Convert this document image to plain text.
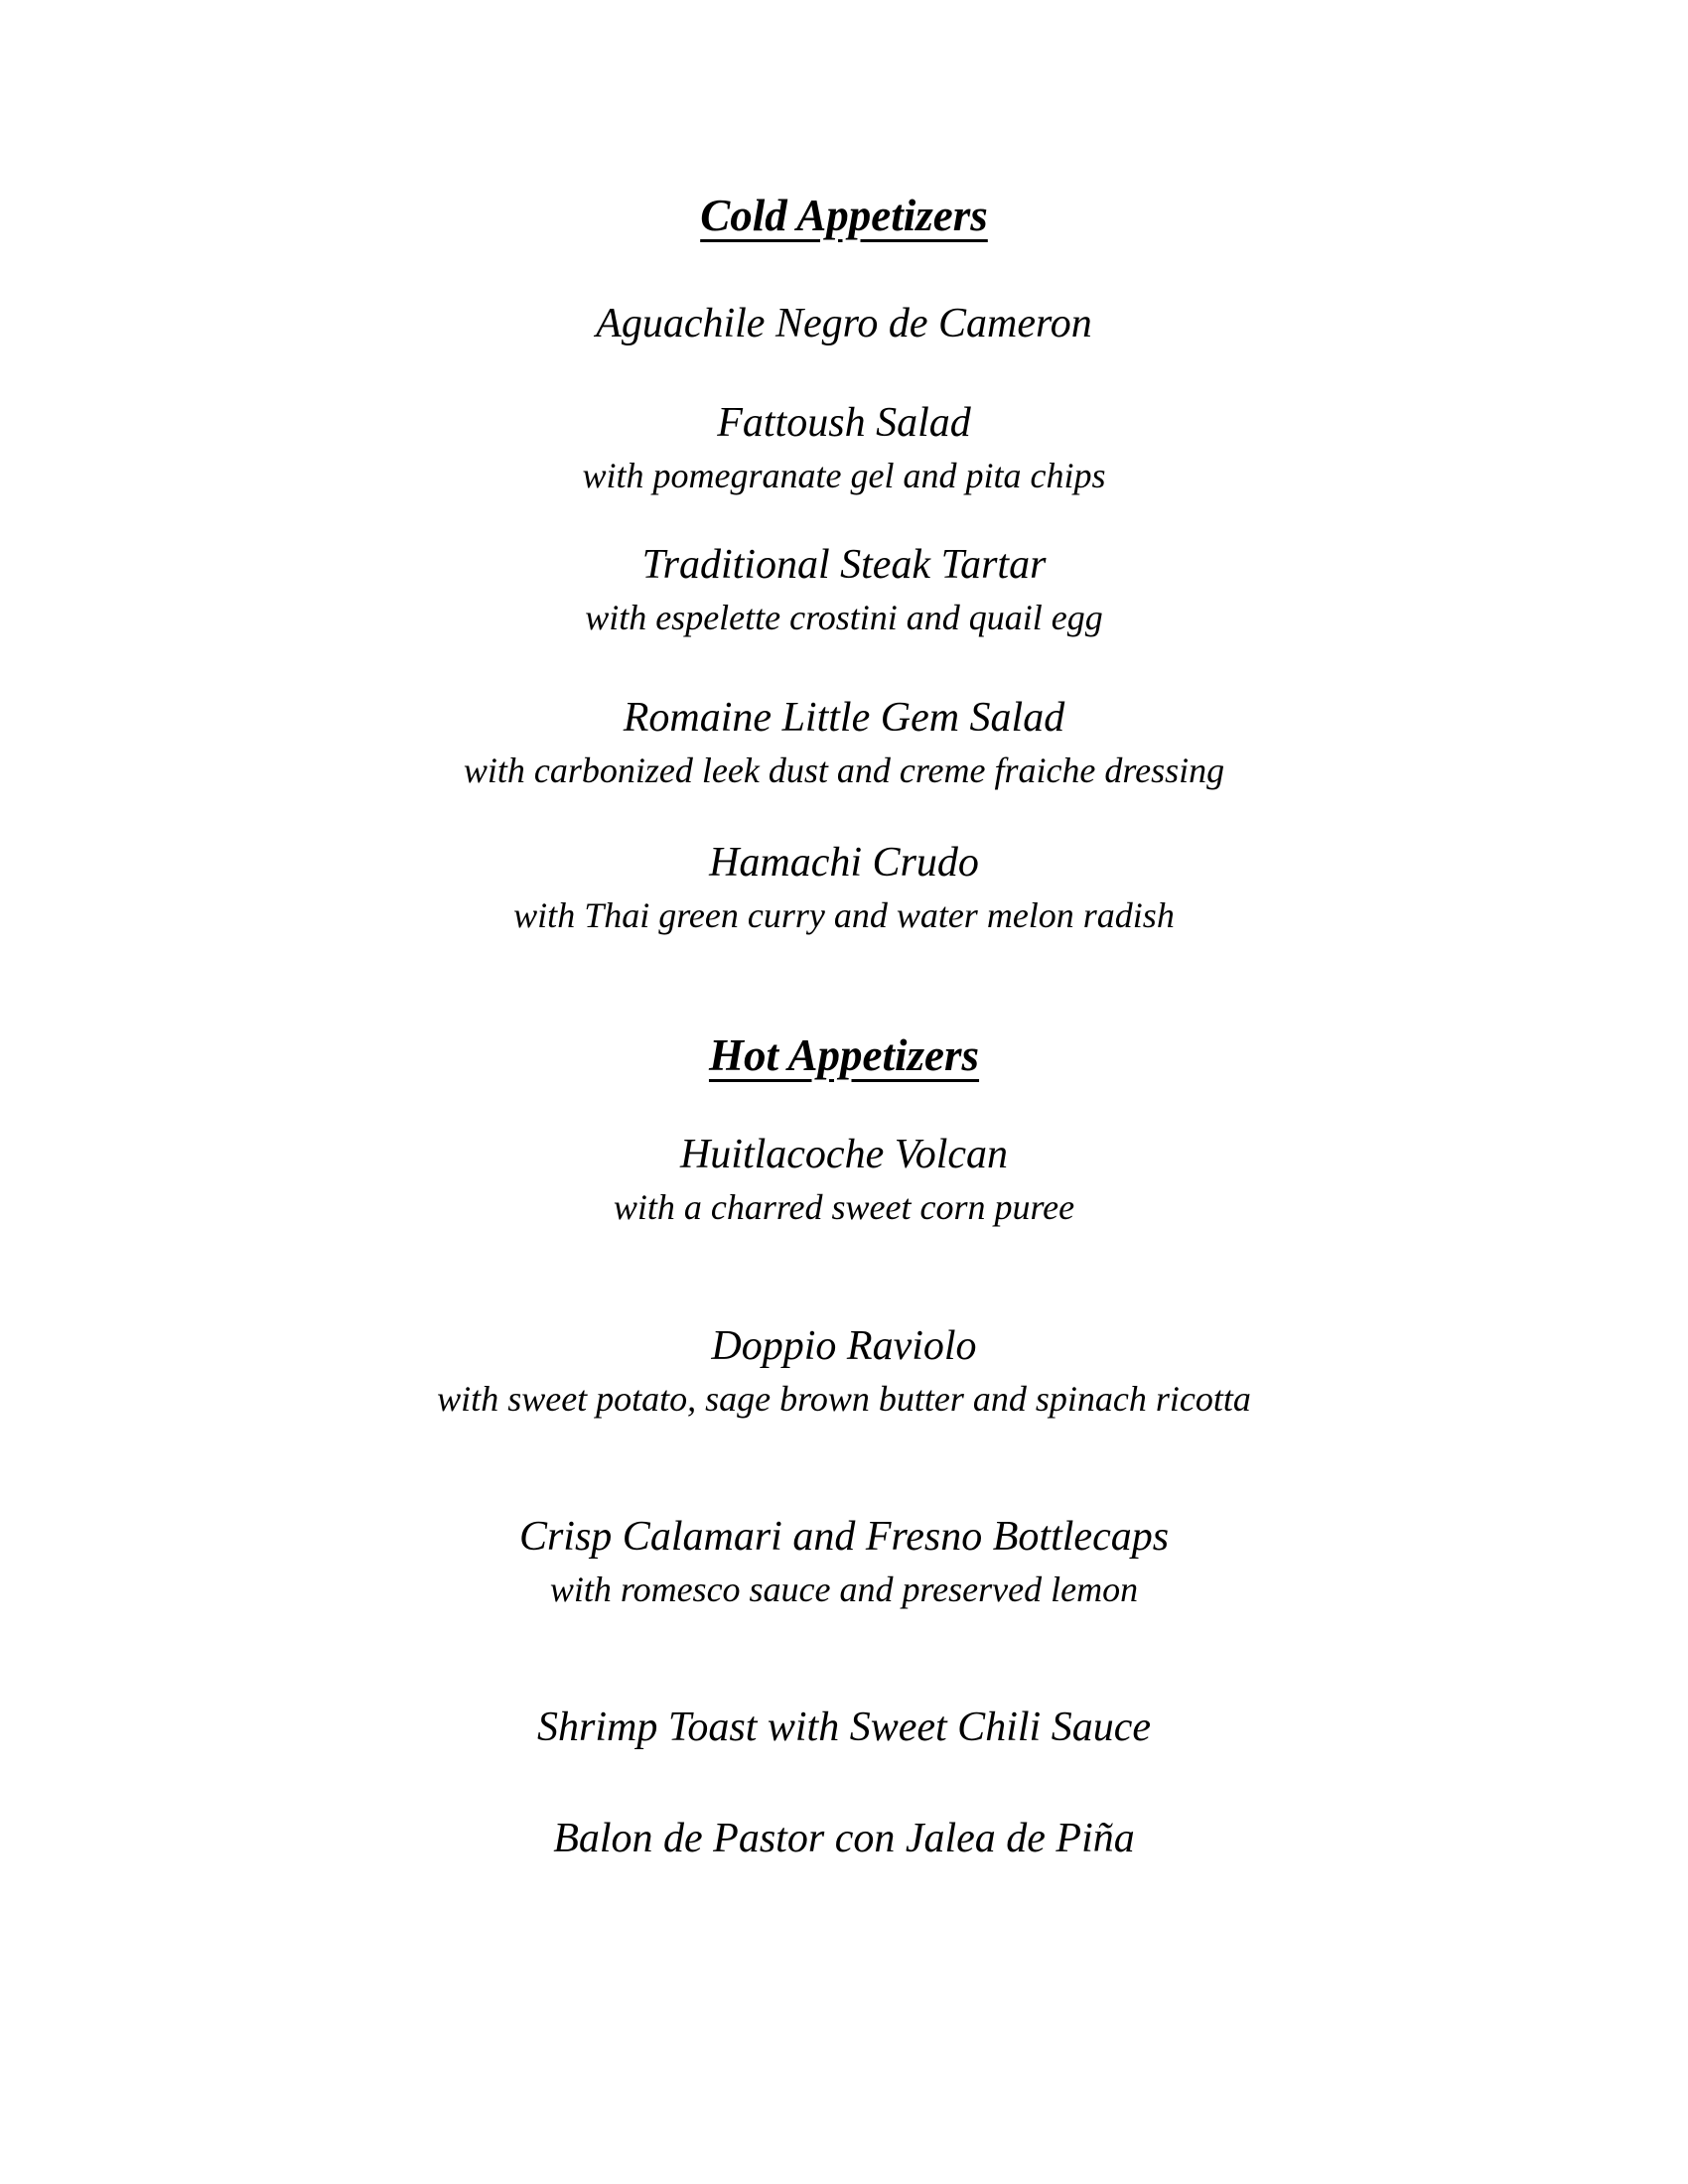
Cold Appetizers
Aguachile Negro de Cameron
Fattoush Salad
with pomegranate gel and pita chips
Traditional Steak Tartar
with espelette crostini and quail egg
Romaine Little Gem Salad
with carbonized leek dust and creme fraiche dressing
Hamachi Crudo
with Thai green curry and water melon radish
Hot Appetizers
Huitlacoche Volcan
with a charred sweet corn puree
Doppio Raviolo
with sweet potato, sage brown butter and spinach ricotta
Crisp Calamari and Fresno Bottlecaps
with romesco sauce and preserved lemon
Shrimp Toast with Sweet Chili Sauce
Balon de Pastor con Jalea de Piña
